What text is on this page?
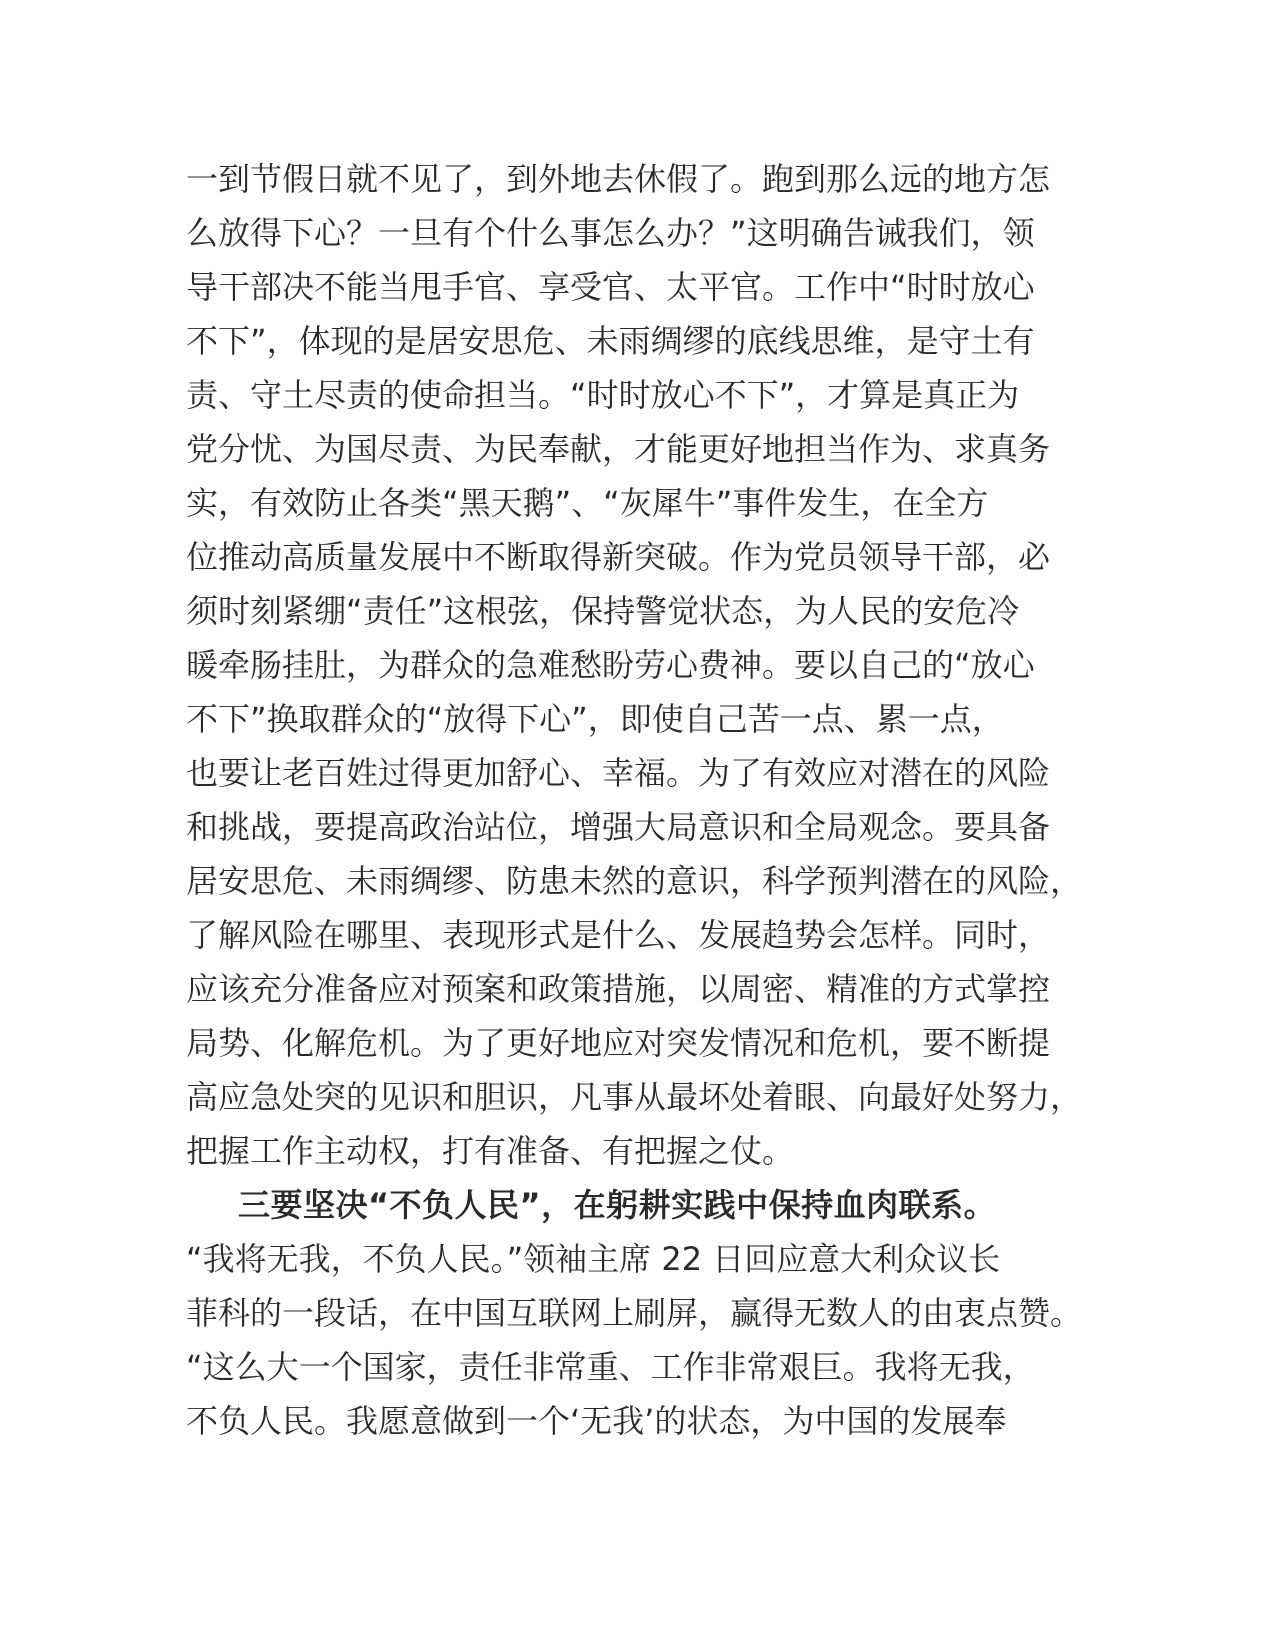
一到节假日就不见了，到外地去休假了。跑到那么远的地方怎
么放得下心？一旦有个什么事怎么办？”这明确告诫我们，领
导干部决不能当甩手官、享受官、太平官。工作中“时时放心
不下”，体现的是居安思危、未雨绸缪的底线思维，是守土有
责、守土尽责的使命担当。“时时放心不下”，才算是真正为
党分忧、为国尽责、为民奉献，才能更好地担当作为、求真务
实，有效防止各类“黑天鹅”、“灰犀牛”事件发生，在全方
位推动高质量发展中不断取得新突破。作为党员领导干部，必
须时刻紧绷“责任”这根弦，保持警觉状态，为人民的安危冷
暖牵肠挂肚，为群众的急难愁盼劳心费神。要以自己的“放心
不下”换取群众的“放得下心”，即使自己苦一点、累一点，
也要让老百姓过得更加舒心、幸福。为了有效应对潜在的风险
和挑战，要提高政治站位，增强大局意识和全局观念。要具备
居安思危、未雨绸缪、防患未然的意识，科学预判潜在的风险，
了解风险在哪里、表现形式是什么、发展趋势会怎样。同时，
应该充分准备应对预案和政策措施，以周密、精准的方式掌控
局势、化解危机。为了更好地应对突发情况和危机，要不断提
高应急处突的见识和胆识，凡事从最坏处着眼、向最好处努力，
把握工作主动权，打有准备、有把握之仗。
三要坚决“不负人民”，在躬耕实践中保持血肉联系。
“我将无我，不负人民。”领袖主席 22 日回应意大利众议长
菲科的一段话，在中国互联网上刷屏，赢得无数人的由衷点赞。
“这么大一个国家，责任非常重、工作非常艰巨。我将无我，
不负人民。我愿意做到一个‘无我’的状态，为中国的发展奉
